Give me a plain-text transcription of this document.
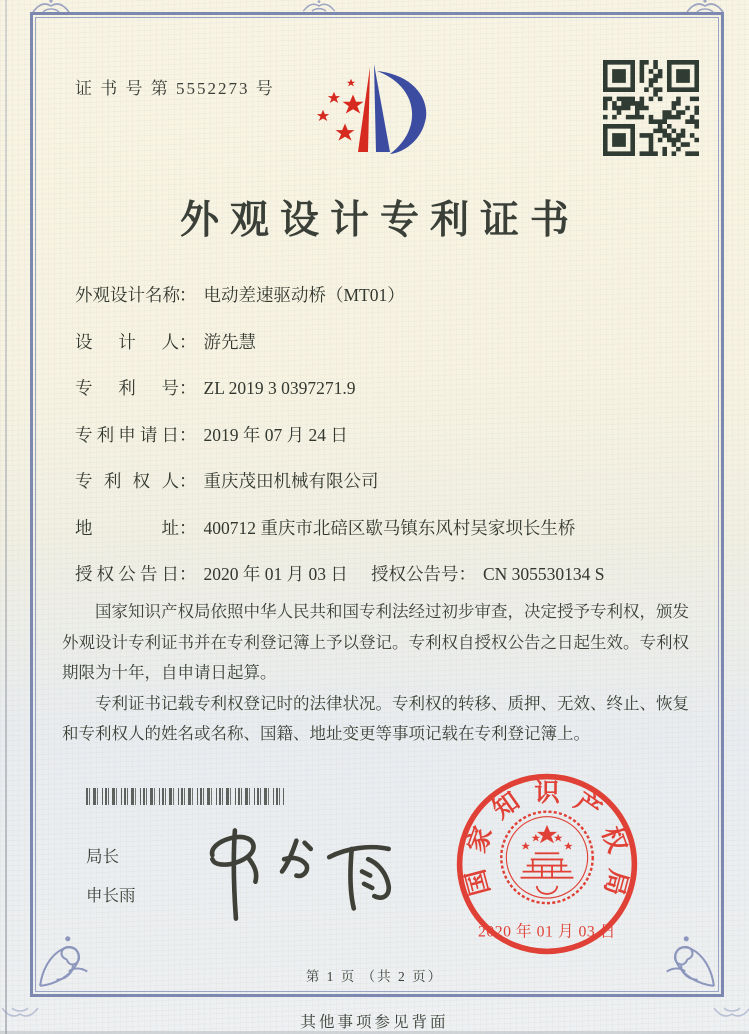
证 书 号 第 5552273 号
外观设计专利证书
外观设计名称： 电动差速驱动桥（MT01）
设计人： 游先慧
专利号： ZL 2019 3 0397271.9
专利申请日： 2019 年 07 月 24 日
专利权人： 重庆茂田机械有限公司
地址： 400712 重庆市北碚区歇马镇东风村吴家坝长生桥
授权公告日： 2020 年 01 月 03 日 授权公告号： CN 305530134 S

国家知识产权局依照中华人民共和国专利法经过初步审查，决定授予专利权，颁发外观设计专利证书并在专利登记簿上予以登记。专利权自授权公告之日起生效。专利权期限为十年，自申请日起算。

专利证书记载专利权登记时的法律状况。专利权的转移、质押、无效、终止、恢复和专利权人的姓名或名称、国籍、地址变更等事项记载在专利登记簿上。

局长
申长雨	国
家
知 识 产
权
局
2020 年 01 月 03 日
第 1 页 （共 2 页）
其他事项参见背面
